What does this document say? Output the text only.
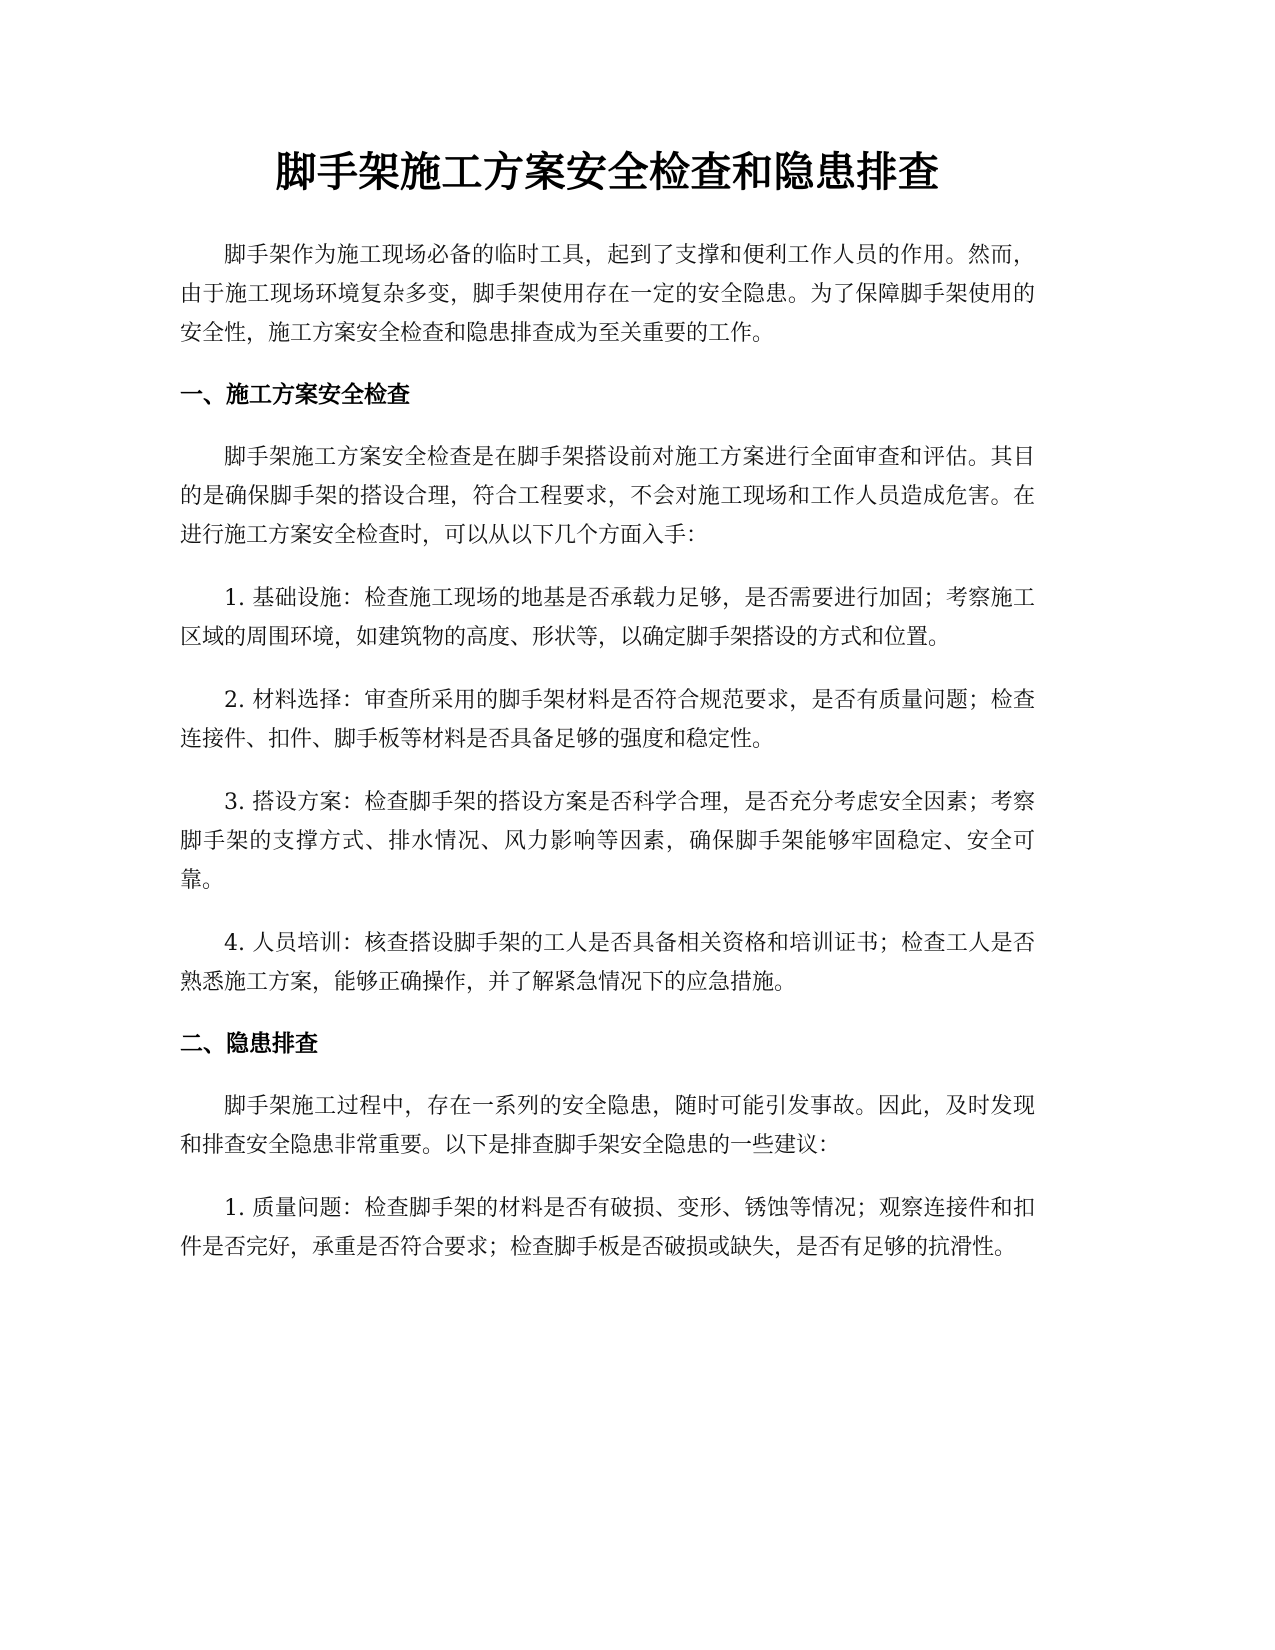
脚手架施工方案安全检查和隐患排查

脚手架作为施工现场必备的临时工具，起到了支撑和便利工作人员的作用。然而，由于施工现场环境复杂多变，脚手架使用存在一定的安全隐患。为了保障脚手架使用的安全性，施工方案安全检查和隐患排查成为至关重要的工作。

一、施工方案安全检查

脚手架施工方案安全检查是在脚手架搭设前对施工方案进行全面审查和评估。其目的是确保脚手架的搭设合理，符合工程要求，不会对施工现场和工作人员造成危害。在进行施工方案安全检查时，可以从以下几个方面入手：

1. 基础设施：检查施工现场的地基是否承载力足够，是否需要进行加固；考察施工区域的周围环境，如建筑物的高度、形状等，以确定脚手架搭设的方式和位置。

2. 材料选择：审查所采用的脚手架材料是否符合规范要求，是否有质量问题；检查连接件、扣件、脚手板等材料是否具备足够的强度和稳定性。

3. 搭设方案：检查脚手架的搭设方案是否科学合理，是否充分考虑安全因素；考察脚手架的支撑方式、排水情况、风力影响等因素，确保脚手架能够牢固稳定、安全可靠。

4. 人员培训：核查搭设脚手架的工人是否具备相关资格和培训证书；检查工人是否熟悉施工方案，能够正确操作，并了解紧急情况下的应急措施。

二、隐患排查

脚手架施工过程中，存在一系列的安全隐患，随时可能引发事故。因此，及时发现和排查安全隐患非常重要。以下是排查脚手架安全隐患的一些建议：

1. 质量问题：检查脚手架的材料是否有破损、变形、锈蚀等情况；观察连接件和扣件是否完好，承重是否符合要求；检查脚手板是否破损或缺失，是否有足够的抗滑性。
